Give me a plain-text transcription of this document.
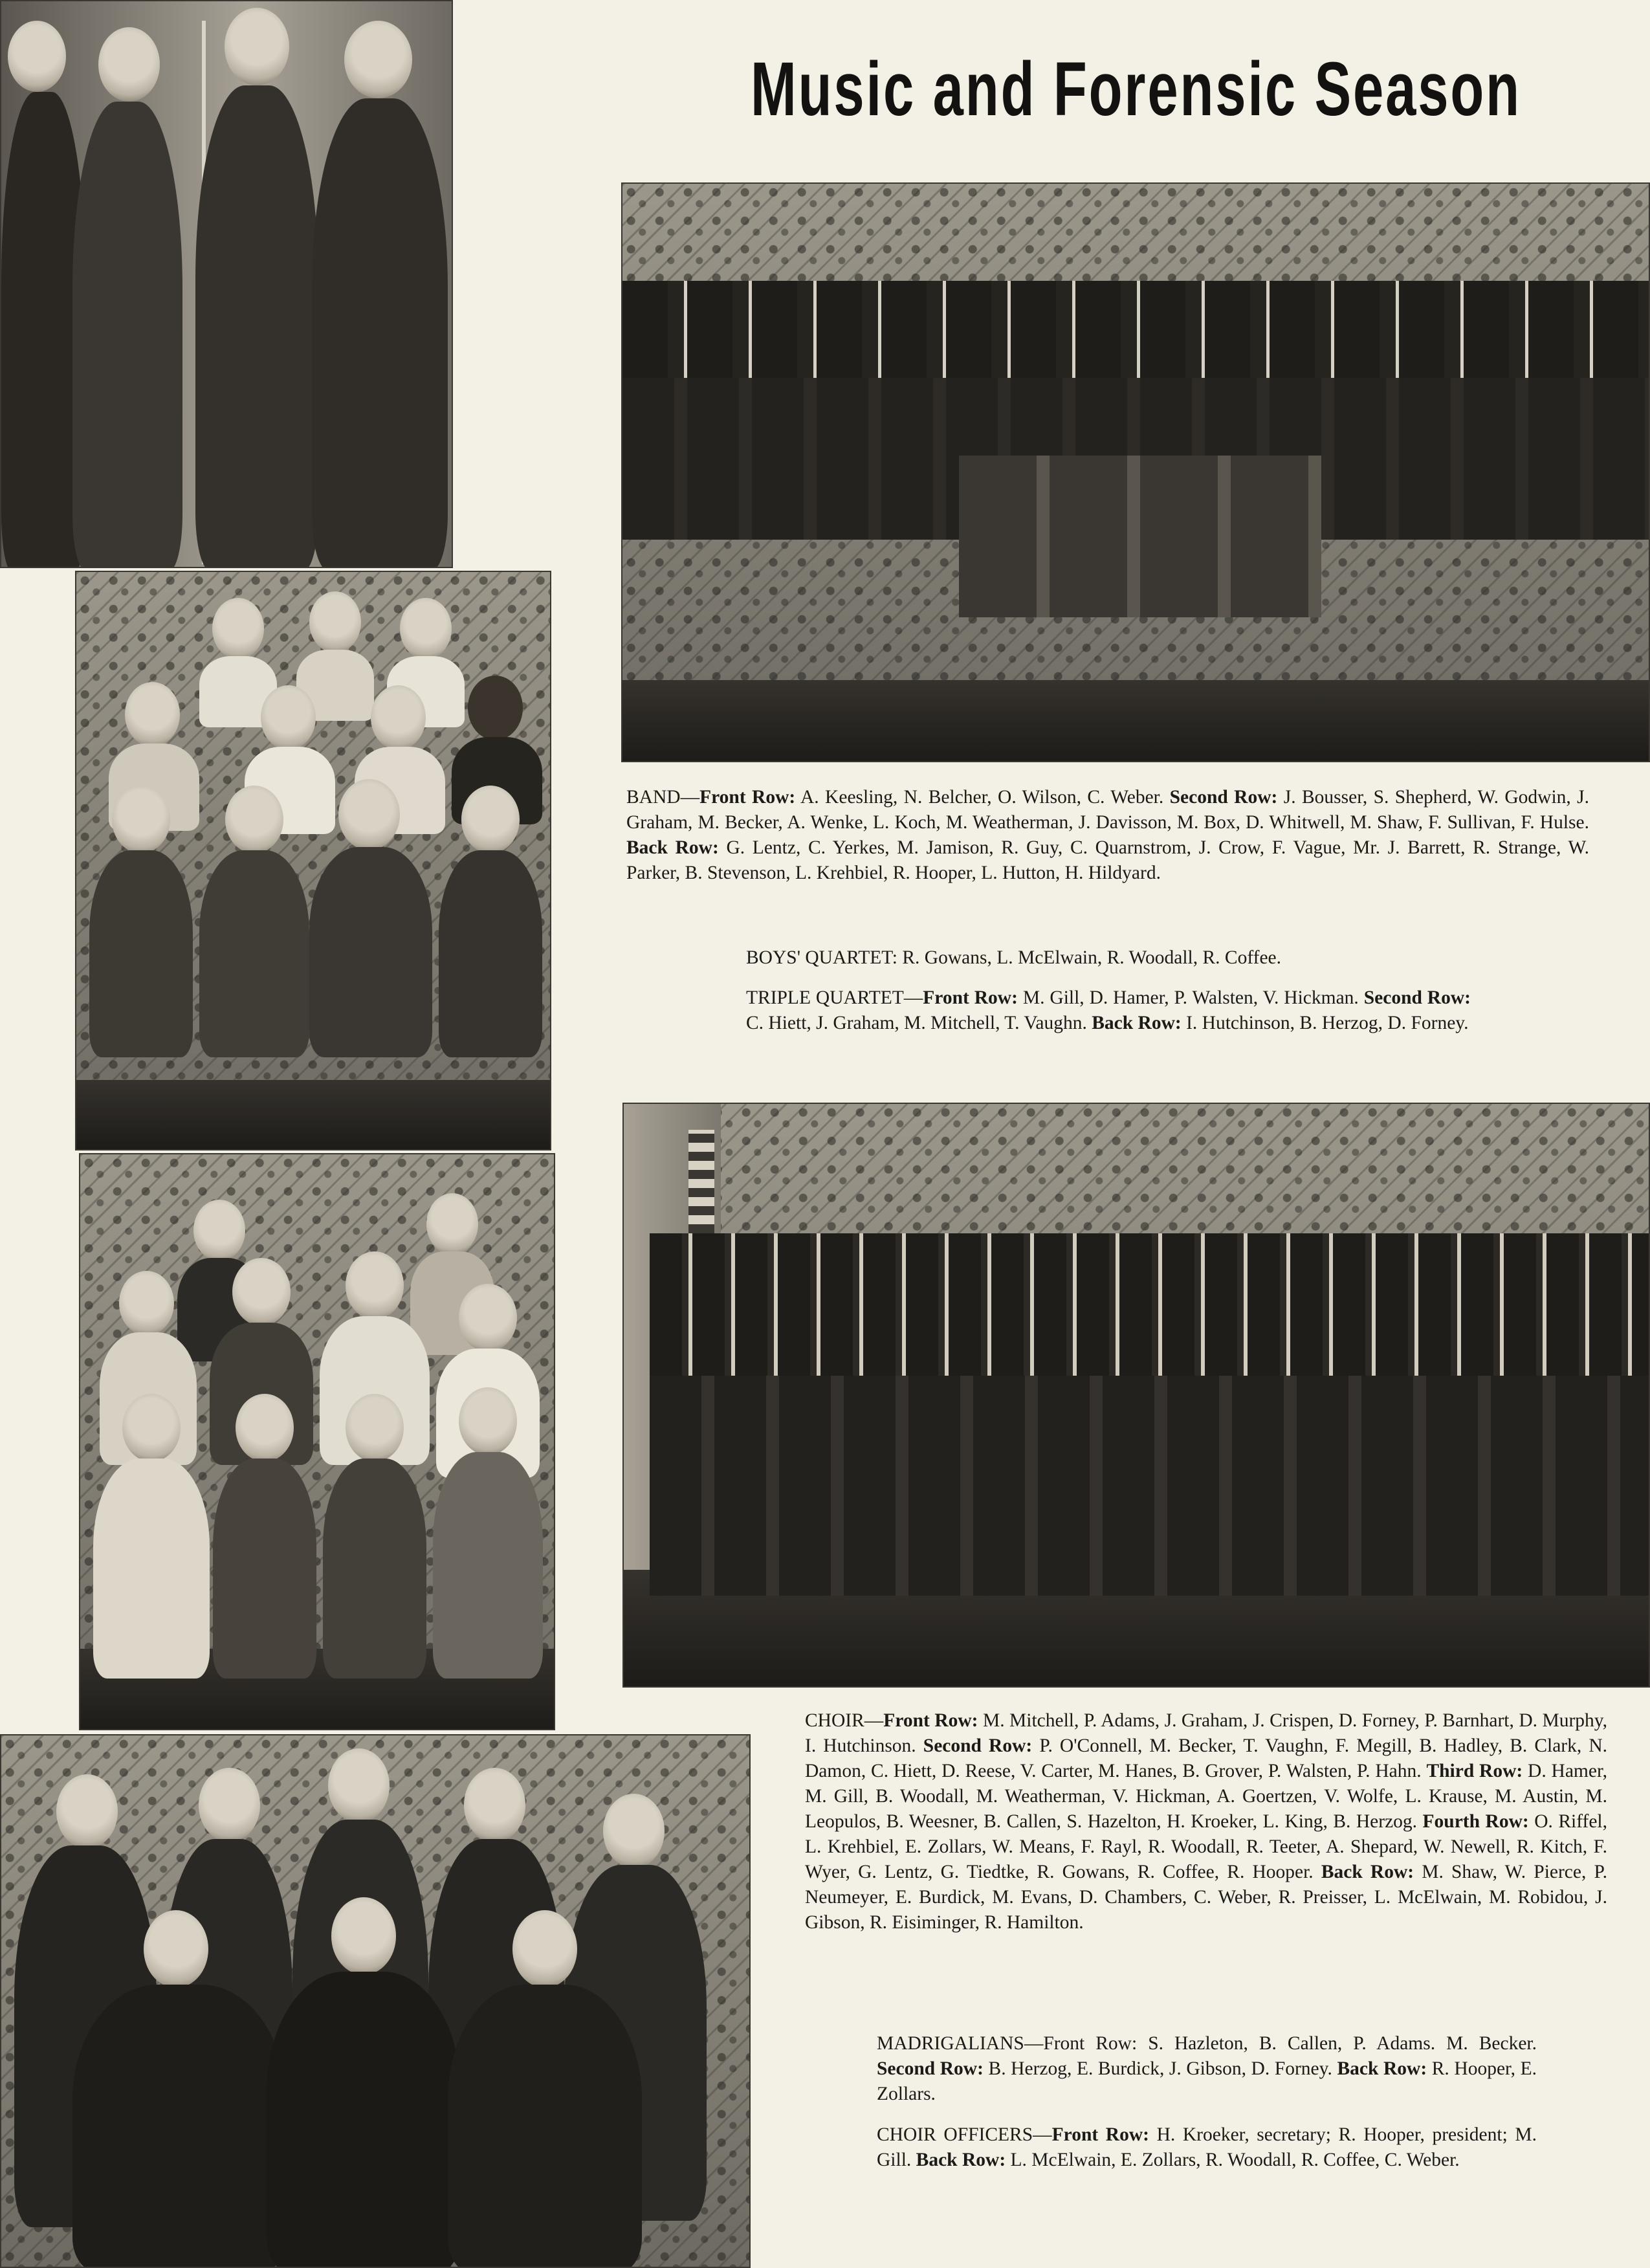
Music and Forensic Season

BAND—Front Row: A. Keesling, N. Belcher, O. Wilson, C. Weber. Second Row: J. Bousser, S. Shepherd, W. Godwin, J. Graham, M. Becker, A. Wenke, L. Koch, M. Weatherman, J. Davisson, M. Box, D. Whitwell, M. Shaw, F. Sullivan, F. Hulse. Back Row: G. Lentz, C. Yerkes, M. Jamison, R. Guy, C. Quarnstrom, J. Crow, F. Vague, Mr. J. Barrett, R. Strange, W. Parker, B. Stevenson, L. Krehbiel, R. Hooper, L. Hutton, H. Hildyard.

BOYS' QUARTET: R. Gowans, L. McElwain, R. Woodall, R. Coffee.

TRIPLE QUARTET—Front Row: M. Gill, D. Hamer, P. Walsten, V. Hickman. Second Row: C. Hiett, J. Graham, M. Mitchell, T. Vaughn. Back Row: I. Hutchinson, B. Herzog, D. Forney.

CHOIR—Front Row: M. Mitchell, P. Adams, J. Graham, J. Crispen, D. Forney, P. Barnhart, D. Murphy, I. Hutchinson. Second Row: P. O'Connell, M. Becker, T. Vaughn, F. Megill, B. Hadley, B. Clark, N. Damon, C. Hiett, D. Reese, V. Carter, M. Hanes, B. Grover, P. Walsten, P. Hahn. Third Row: D. Hamer, M. Gill, B. Woodall, M. Weatherman, V. Hickman, A. Goertzen, V. Wolfe, L. Krause, M. Austin, M. Leopulos, B. Weesner, B. Callen, S. Hazelton, H. Kroeker, L. King, B. Herzog. Fourth Row: O. Riffel, L. Krehbiel, E. Zollars, W. Means, F. Rayl, R. Woodall, R. Teeter, A. Shepard, W. Newell, R. Kitch, F. Wyer, G. Lentz, G. Tiedtke, R. Gowans, R. Coffee, R. Hooper. Back Row: M. Shaw, W. Pierce, P. Neumeyer, E. Burdick, M. Evans, D. Chambers, C. Weber, R. Preisser, L. McElwain, M. Robidou, J. Gibson, R. Eisiminger, R. Hamilton.

MADRIGALIANS—Front Row: S. Hazleton, B. Callen, P. Adams. M. Becker. Second Row: B. Herzog, E. Burdick, J. Gibson, D. Forney. Back Row: R. Hooper, E. Zollars.

CHOIR OFFICERS—Front Row: H. Kroeker, secretary; R. Hooper, president; M. Gill. Back Row: L. McElwain, E. Zollars, R. Woodall, R. Coffee, C. Weber.
